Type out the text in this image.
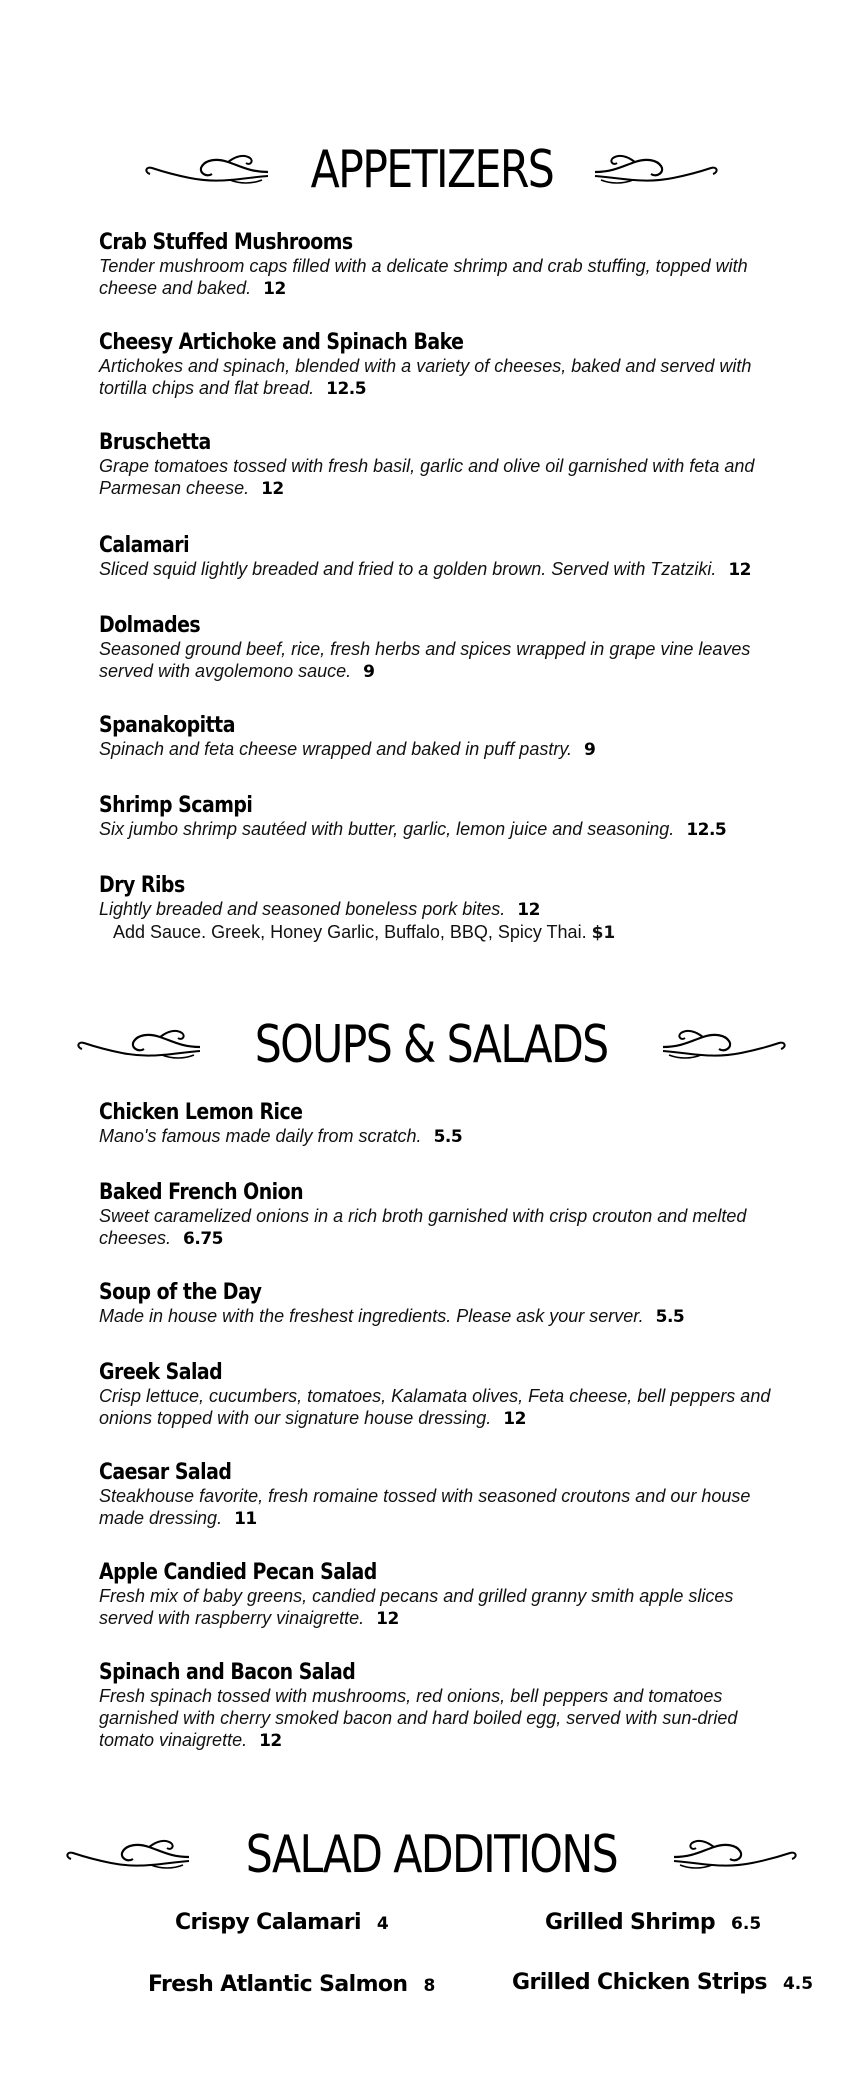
APPETIZERS
Crab Stuffed Mushrooms
Tender mushroom caps filled with a delicate shrimp and crab stuffing, topped with cheese and baked. 12
Cheesy Artichoke and Spinach Bake
Artichokes and spinach, blended with a variety of cheeses, baked and served with tortilla chips and flat bread. 12.5
Bruschetta
Grape tomatoes tossed with fresh basil, garlic and olive oil garnished with feta and Parmesan cheese. 12
Calamari
Sliced squid lightly breaded and fried to a golden brown. Served with Tzatziki. 12
Dolmades
Seasoned ground beef, rice, fresh herbs and spices wrapped in grape vine leaves served with avgolemono sauce. 9
Spanakopitta
Spinach and feta cheese wrapped and baked in puff pastry. 9
Shrimp Scampi
Six jumbo shrimp sautéed with butter, garlic, lemon juice and seasoning. 12.5
Dry Ribs
Lightly breaded and seasoned boneless pork bites. 12
Add Sauce. Greek, Honey Garlic, Buffalo, BBQ, Spicy Thai. $1
SOUPS & SALADS
Chicken Lemon Rice
Mano's famous made daily from scratch. 5.5
Baked French Onion
Sweet caramelized onions in a rich broth garnished with crisp crouton and melted cheeses. 6.75
Soup of the Day
Made in house with the freshest ingredients. Please ask your server. 5.5
Greek Salad
Crisp lettuce, cucumbers, tomatoes, Kalamata olives, Feta cheese, bell peppers and onions topped with our signature house dressing. 12
Caesar Salad
Steakhouse favorite, fresh romaine tossed with seasoned croutons and our house made dressing. 11
Apple Candied Pecan Salad
Fresh mix of baby greens, candied pecans and grilled granny smith apple slices served with raspberry vinaigrette. 12
Spinach and Bacon Salad
Fresh spinach tossed with mushrooms, red onions, bell peppers and tomatoes garnished with cherry smoked bacon and hard boiled egg, served with sun-dried tomato vinaigrette. 12
SALAD ADDITIONS
Crispy Calamari 4	Grilled Shrimp 6.5
Fresh Atlantic Salmon 8	Grilled Chicken Strips 4.5
